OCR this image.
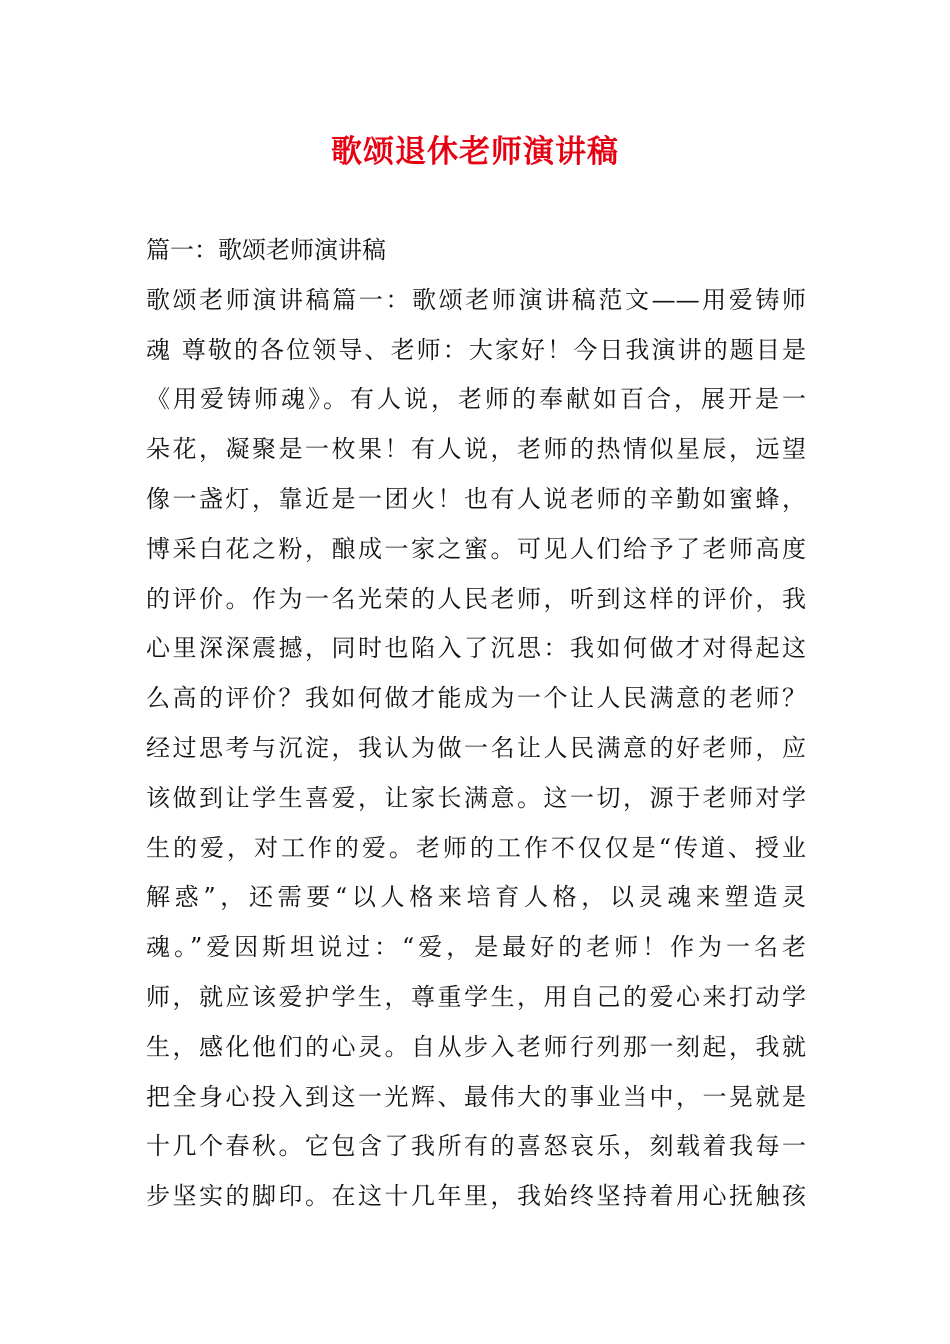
歌颂退休老师演讲稿
篇一：歌颂老师演讲稿
歌颂老师演讲稿篇一：歌颂老师演讲稿范文——用爱铸师
魂 尊敬的各位领导、老师：大家好！今日我演讲的题目是
《用爱铸师魂》。有人说，老师的奉献如百合，展开是一
朵花，凝聚是一枚果！有人说，老师的热情似星辰，远望
像一盏灯，靠近是一团火！也有人说老师的辛勤如蜜蜂，
博采白花之粉，酿成一家之蜜。可见人们给予了老师高度
的评价。作为一名光荣的人民老师，听到这样的评价，我
心里深深震撼，同时也陷入了沉思：我如何做才对得起这
么高的评价？我如何做才能成为一个让人民满意的老师？
经过思考与沉淀，我认为做一名让人民满意的好老师，应
该做到让学生喜爱，让家长满意。这一切，源于老师对学
生的爱，对工作的爱。老师的工作不仅仅是“传道、授业
解惑”，还需要“以人格来培育人格，以灵魂来塑造灵
魂。”爱因斯坦说过：“爱，是最好的老师！作为一名老
师，就应该爱护学生，尊重学生，用自己的爱心来打动学
生，感化他们的心灵。自从步入老师行列那一刻起，我就
把全身心投入到这一光辉、最伟大的事业当中，一晃就是
十几个春秋。它包含了我所有的喜怒哀乐，刻载着我每一
步坚实的脚印。在这十几年里，我始终坚持着用心抚触孩
